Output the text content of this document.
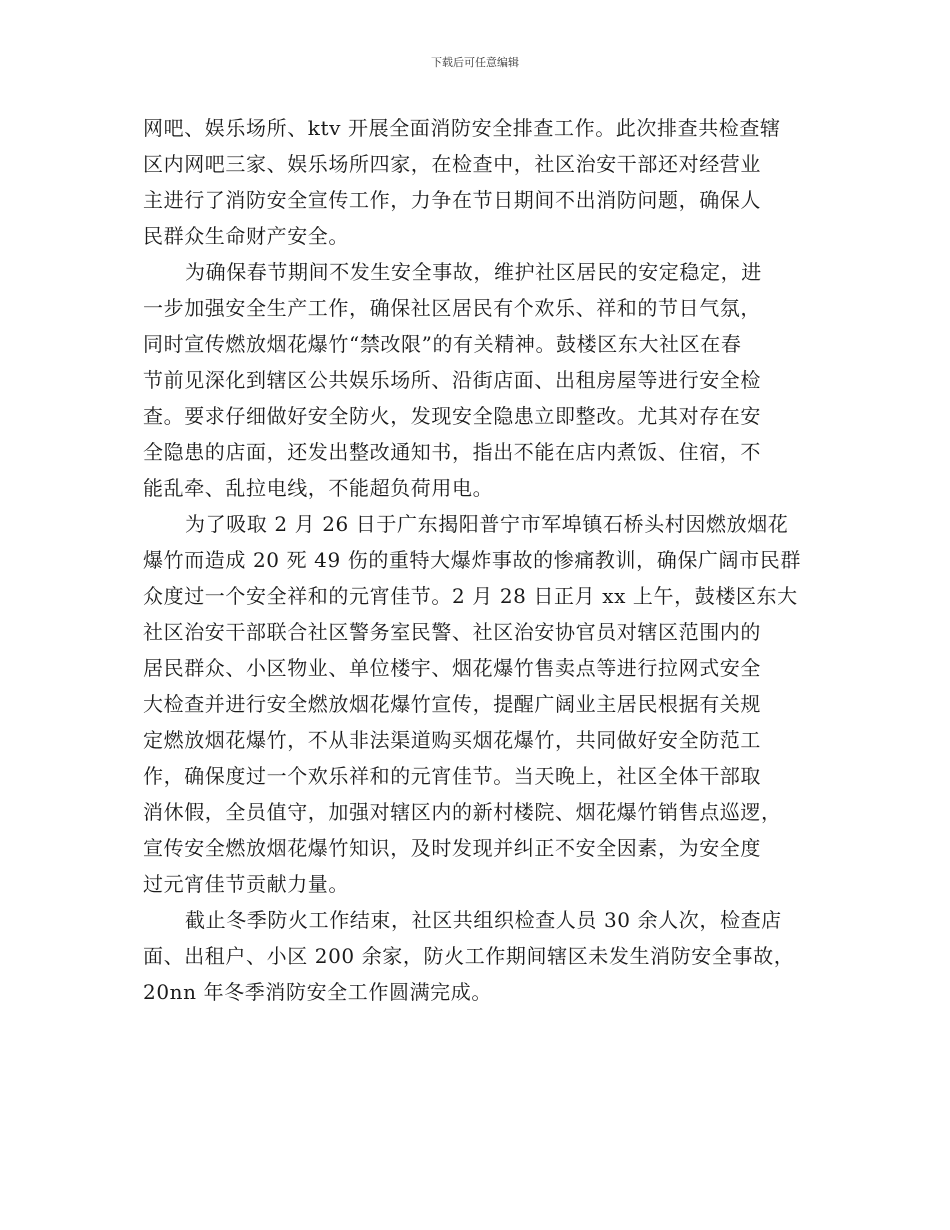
下载后可任意编辑
网吧、娱乐场所、ktv 开展全面消防安全排查工作。此次排查共检查辖
区内网吧三家、娱乐场所四家，在检查中，社区治安干部还对经营业
主进行了消防安全宣传工作，力争在节日期间不出消防问题，确保人
民群众生命财产安全。
为确保春节期间不发生安全事故，维护社区居民的安定稳定，进
一步加强安全生产工作，确保社区居民有个欢乐、祥和的节日气氛，
同时宣传燃放烟花爆竹“禁改限”的有关精神。鼓楼区东大社区在春
节前见深化到辖区公共娱乐场所、沿街店面、出租房屋等进行安全检
查。要求仔细做好安全防火，发现安全隐患立即整改。尤其对存在安
全隐患的店面，还发出整改通知书，指出不能在店内煮饭、住宿，不
能乱牵、乱拉电线，不能超负荷用电。
为了吸取 2 月 26 日于广东揭阳普宁市军埠镇石桥头村因燃放烟花
爆竹而造成 20 死 49 伤的重特大爆炸事故的惨痛教训，确保广阔市民群
众度过一个安全祥和的元宵佳节。2 月 28 日正月 xx 上午，鼓楼区东大
社区治安干部联合社区警务室民警、社区治安协官员对辖区范围内的
居民群众、小区物业、单位楼宇、烟花爆竹售卖点等进行拉网式安全
大检查并进行安全燃放烟花爆竹宣传，提醒广阔业主居民根据有关规
定燃放烟花爆竹，不从非法渠道购买烟花爆竹，共同做好安全防范工
作，确保度过一个欢乐祥和的元宵佳节。当天晚上，社区全体干部取
消休假，全员值守，加强对辖区内的新村楼院、烟花爆竹销售点巡逻，
宣传安全燃放烟花爆竹知识，及时发现并纠正不安全因素，为安全度
过元宵佳节贡献力量。
截止冬季防火工作结束，社区共组织检查人员 30 余人次，检查店
面、出租户、小区 200 余家，防火工作期间辖区未发生消防安全事故，
20nn 年冬季消防安全工作圆满完成。
